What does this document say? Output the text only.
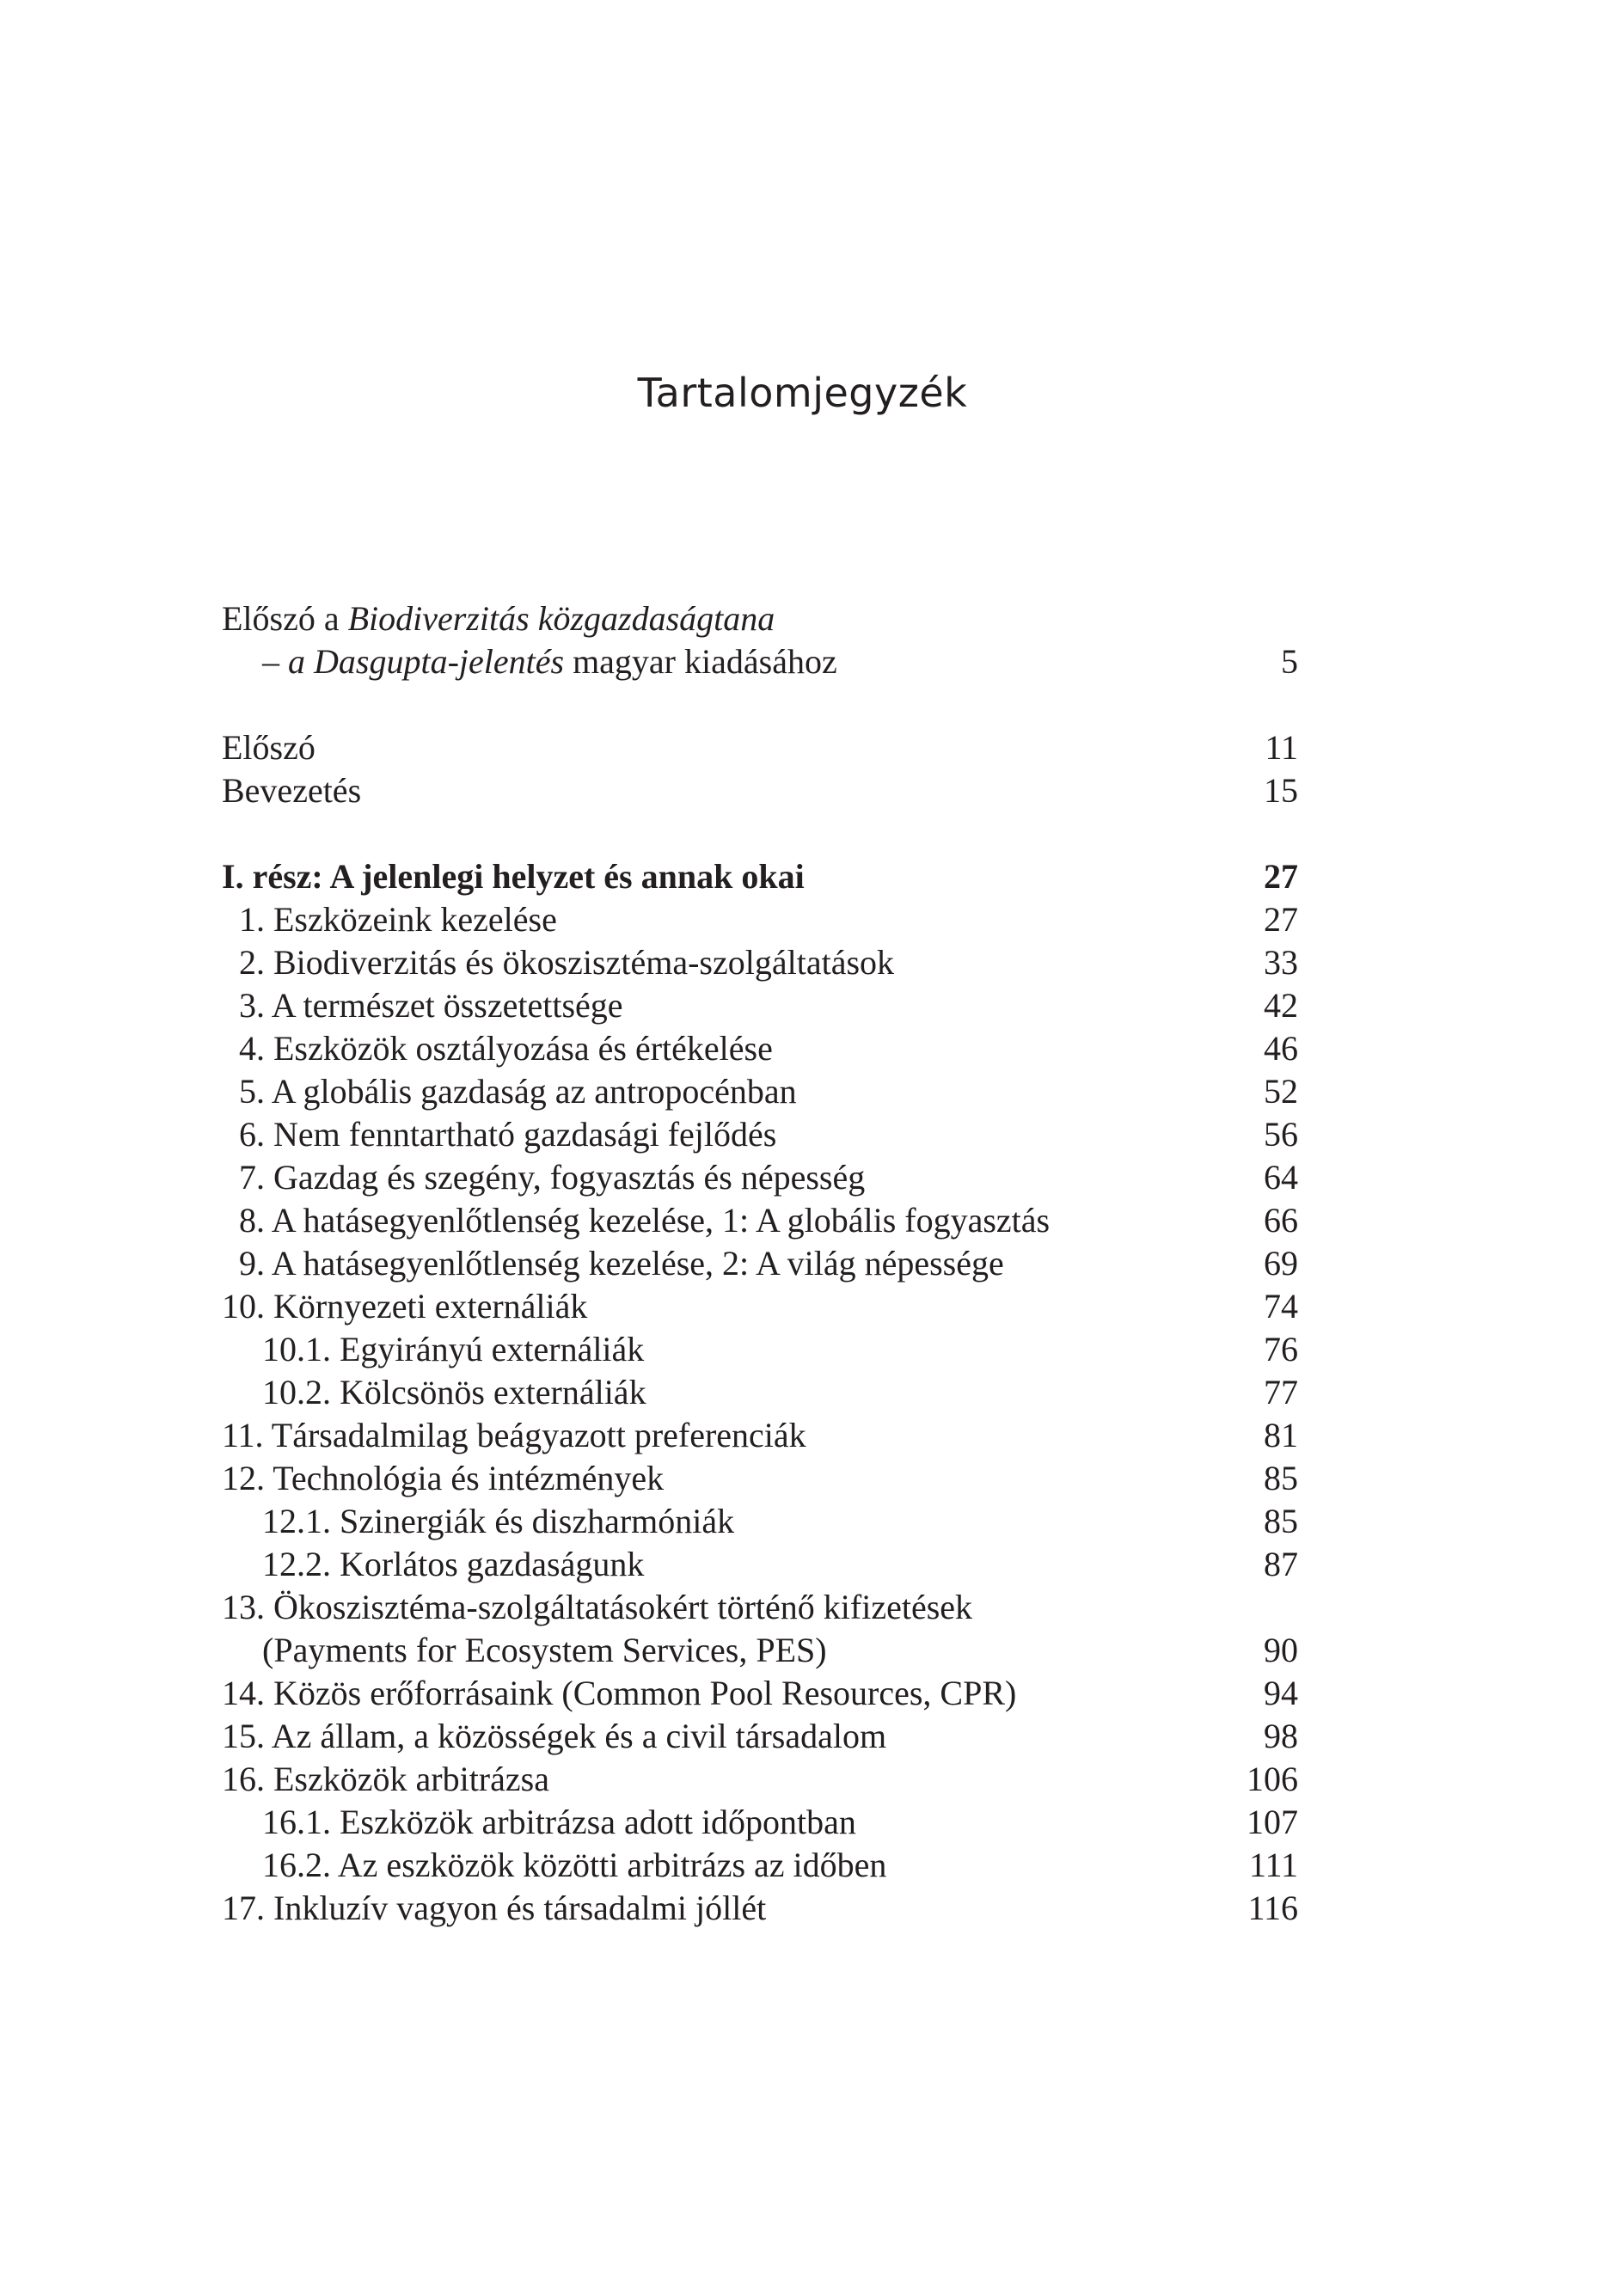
Tartalomjegyzék
Előszó a Biodiverzitás közgazdaságtana
– a Dasgupta-jelentés magyar kiadásához	5
Előszó	11
Bevezetés	15
I. rész: A jelenlegi helyzet és annak okai	27
1. Eszközeink kezelése	27
2. Biodiverzitás és ökoszisztéma-szolgáltatások	33
3. A természet összetettsége	42
4. Eszközök osztályozása és értékelése	46
5. A globális gazdaság az antropocénban	52
6. Nem fenntartható gazdasági fejlődés	56
7. Gazdag és szegény, fogyasztás és népesség	64
8. A hatásegyenlőtlenség kezelése, 1: A globális fogyasztás	66
9. A hatásegyenlőtlenség kezelése, 2: A világ népessége	69
10. Környezeti externáliák	74
10.1. Egyirányú externáliák	76
10.2. Kölcsönös externáliák	77
11. Társadalmilag beágyazott preferenciák	81
12. Technológia és intézmények	85
12.1. Szinergiák és diszharmóniák	85
12.2. Korlátos gazdaságunk	87
13. Ökoszisztéma-szolgáltatásokért történő kifizetések
(Payments for Ecosystem Services, PES)	90
14. Közös erőforrásaink (Common Pool Resources, CPR)	94
15. Az állam, a közösségek és a civil társadalom	98
16. Eszközök arbitrázsa	106
16.1. Eszközök arbitrázsa adott időpontban	107
16.2. Az eszközök közötti arbitrázs az időben	111
17. Inkluzív vagyon és társadalmi jóllét	116
